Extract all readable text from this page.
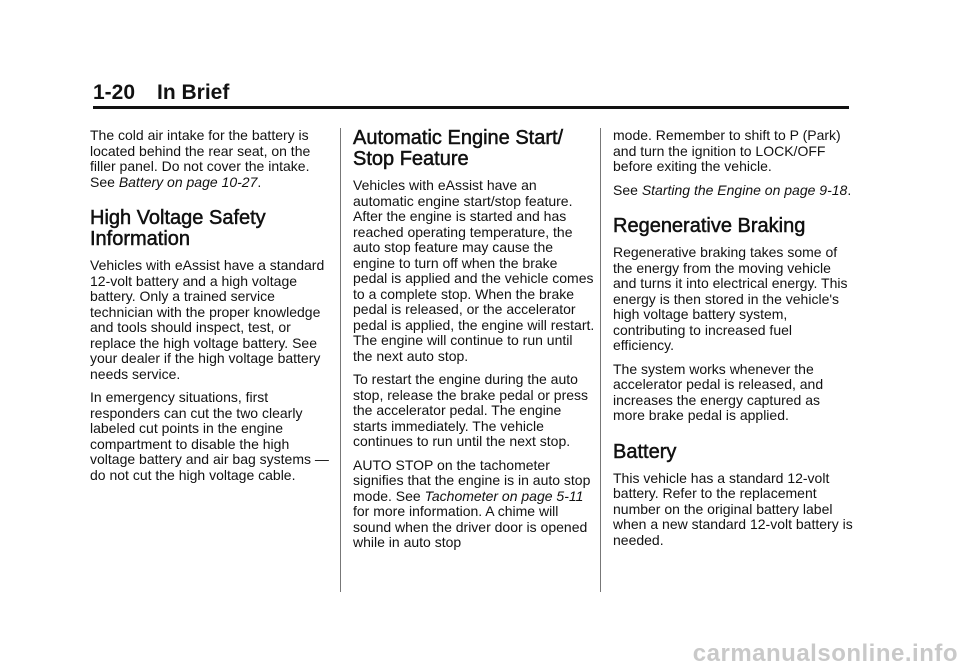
1-20 In Brief

The cold air intake for the battery is located behind the rear seat, on the filler panel. Do not cover the intake. See Battery on page 10-27.

High Voltage Safety Information

Vehicles with eAssist have a standard 12-volt battery and a high voltage battery. Only a trained service technician with the proper knowledge and tools should inspect, test, or replace the high voltage battery. See your dealer if the high voltage battery needs service.

In emergency situations, first responders can cut the two clearly labeled cut points in the engine compartment to disable the high voltage battery and air bag systems — do not cut the high voltage cable.

Automatic Engine Start/ Stop Feature

Vehicles with eAssist have an automatic engine start/stop feature. After the engine is started and has reached operating temperature, the auto stop feature may cause the engine to turn off when the brake pedal is applied and the vehicle comes to a complete stop. When the brake pedal is released, or the accelerator pedal is applied, the engine will restart. The engine will continue to run until the next auto stop.

To restart the engine during the auto stop, release the brake pedal or press the accelerator pedal. The engine starts immediately. The vehicle continues to run until the next stop.

AUTO STOP on the tachometer signifies that the engine is in auto stop mode. See Tachometer on page 5-11 for more information. A chime will sound when the driver door is opened while in auto stop

mode. Remember to shift to P (Park) and turn the ignition to LOCK/OFF before exiting the vehicle.

See Starting the Engine on page 9-18.

Regenerative Braking

Regenerative braking takes some of the energy from the moving vehicle and turns it into electrical energy. This energy is then stored in the vehicle's high voltage battery system, contributing to increased fuel efficiency.

The system works whenever the accelerator pedal is released, and increases the energy captured as more brake pedal is applied.

Battery

This vehicle has a standard 12-volt battery. Refer to the replacement number on the original battery label when a new standard 12-volt battery is needed.

carmanualsonline.info
